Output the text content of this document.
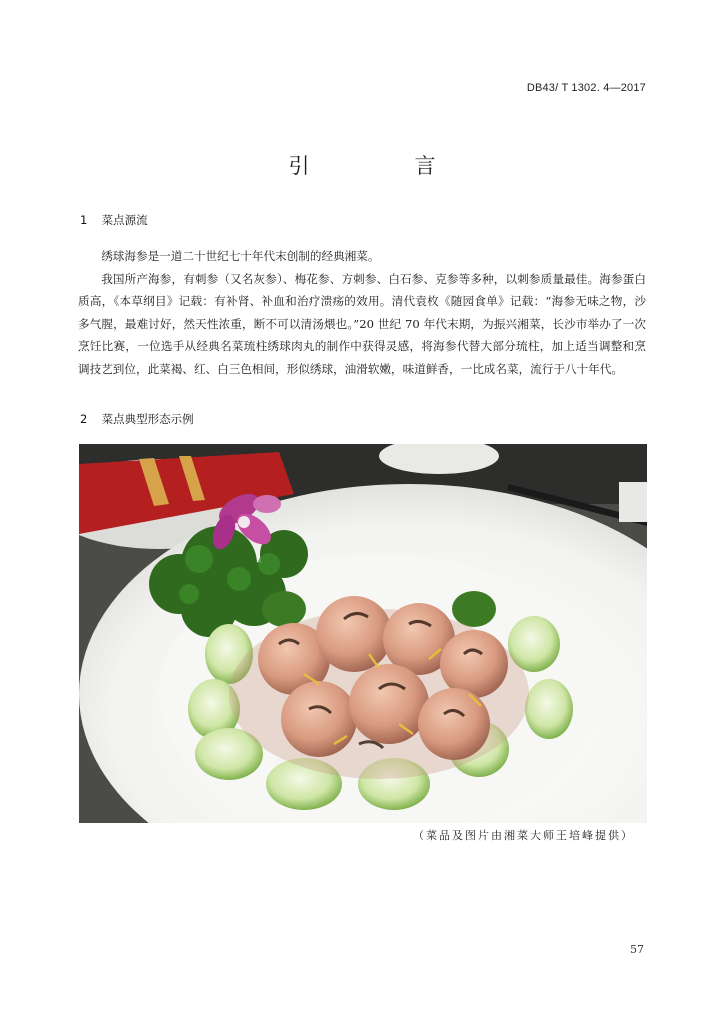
DB43/ T 1302. 4—2017
引　言
1 菜点源流

绣球海参是一道二十世纪七十年代末创制的经典湘菜。

我国所产海参，有刺参（又名灰参）、梅花参、方刺参、白石参、克参等多种，以刺参质量最佳。海参蛋白质高，《本草纲目》记载：有补肾、补血和治疗溃疡的效用。清代袁枚《随园食单》记载：“海参无味之物，沙多气腥，最难讨好，然天性浓重，断不可以清汤煨也。”20 世纪 70 年代末期，为振兴湘菜，长沙市举办了一次烹饪比赛，一位选手从经典名菜琉柱绣球肉丸的制作中获得灵感，将海参代替大部分琉柱，加上适当调整和烹调技艺到位，此菜褐、红、白三色相间，形似绣球，油滑软嫩，味道鲜香，一比成名菜，流行于八十年代。

2 菜点典型形态示例
（菜品及图片由湘菜大师王培峰提供）
57
